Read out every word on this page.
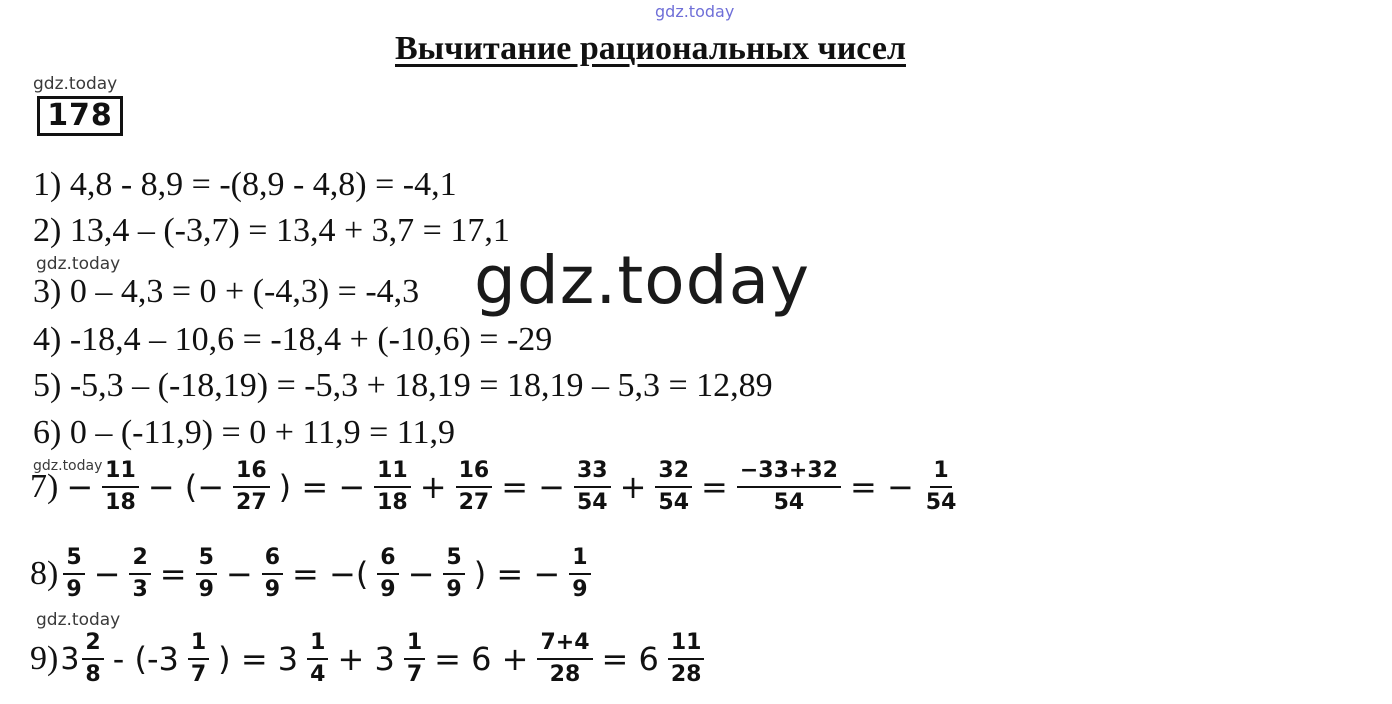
gdz.today
Вычитание рациональных чисел
gdz.today
178
1) 4,8 - 8,9 = -(8,9 - 4,8) = -4,1
2) 13,4 – (-3,7) = 13,4 + 3,7 = 17,1
gdz.today
3) 0 – 4,3 = 0 + (-4,3) = -4,3
4) -18,4 – 10,6 = -18,4 + (-10,6) = -29
5) -5,3 – (-18,19) = -5,3 + 18,19 = 18,19 – 5,3 = 12,89
6) 0 – (-11,9) = 0 + 11,9 = 11,9
gdz.today
gdz.today
$7) - \frac{11}{18}$ − (− $\frac{16}{27}$ ) = − $\frac{11}{18} + \frac{16}{27}$ = − $\frac{33}{54} + \frac{32}{54} = \frac{-33+32}{54}$ = − $\frac{1}{54}$
$8) \frac{5}{9} - \frac{2}{3} = \frac{5}{9} - \frac{6}{9}$ = −( $\frac{6}{9} - \frac{5}{9}$ ) = − $\frac{1}{9}$
gdz.today
9) $3 \frac{2}{8} - (-3 \frac{1}{7}$ ) = $3 \frac{1}{4} + 3 \frac{1}{7} = 6 + \frac{7+4}{28} = 6 \frac{11}{28}$
